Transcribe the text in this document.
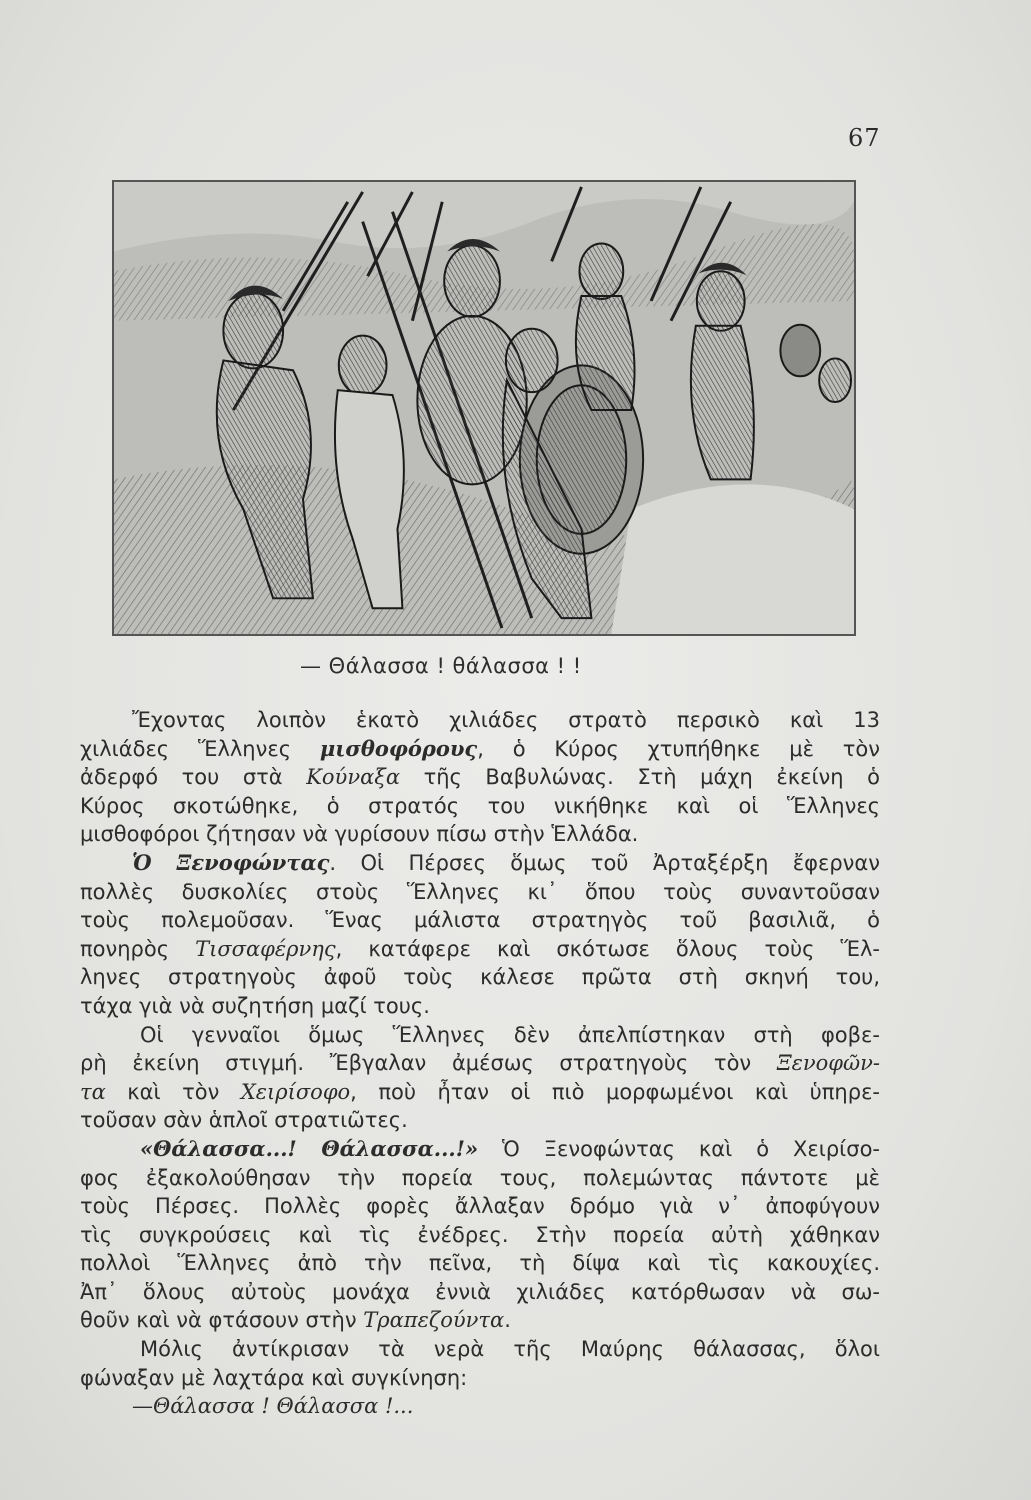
67
— Θάλασσα ! θάλασσα ! !
Ἔχοντας λοιπὸν ἑκατὸ χιλιάδες στρατὸ περσικὸ καὶ 13
χιλιάδες Ἕλληνες μισθοφόρους, ὁ Κύρος χτυπήθηκε μὲ τὸν
ἀδερφό του στὰ Κούναξα τῆς Βαβυλώνας. Στὴ μάχη ἐκείνη ὁ
Κύρος σκοτώθηκε, ὁ στρατός του νικήθηκε καὶ οἱ Ἕλληνες
μισθοφόροι ζήτησαν νὰ γυρίσουν πίσω στὴν Ἑλλάδα.
Ὁ Ξενοφώντας. Οἱ Πέρσες ὅμως τοῦ Ἀρταξέρξη ἔφερναν
πολλὲς δυσκολίες στοὺς Ἕλληνες κι᾽ ὅπου τοὺς συναντοῦσαν
τοὺς πολεμοῦσαν. Ἕνας μάλιστα στρατηγὸς τοῦ βασιλιᾶ, ὁ
πονηρὸς Τισσαφέρνης, κατάφερε καὶ σκότωσε ὅλους τοὺς Ἕλ-
ληνες στρατηγοὺς ἀφοῦ τοὺς κάλεσε πρῶτα στὴ σκηνή του,
τάχα γιὰ νὰ συζητήση μαζί τους.
Οἱ γενναῖοι ὅμως Ἕλληνες δὲν ἀπελπίστηκαν στὴ φοβε-
ρὴ ἐκείνη στιγμή. Ἔβγαλαν ἀμέσως στρατηγοὺς τὸν Ξενοφῶν-
τα καὶ τὸν Χειρίσοφο, ποὺ ἦταν οἱ πιὸ μορφωμένοι καὶ ὑπηρε-
τοῦσαν σὰν ἁπλοῖ στρατιῶτες.
«Θάλασσα...! Θάλασσα...!» Ὁ Ξενοφώντας καὶ ὁ Χειρίσο-
φος ἐξακολούθησαν τὴν πορεία τους, πολεμώντας πάντοτε μὲ
τοὺς Πέρσες. Πολλὲς φορὲς ἄλλαξαν δρόμο γιὰ ν᾽ ἀποφύγουν
τὶς συγκρούσεις καὶ τὶς ἐνέδρες. Στὴν πορεία αὐτὴ χάθηκαν
πολλοὶ Ἕλληνες ἀπὸ τὴν πεῖνα, τὴ δίψα καὶ τὶς κακουχίες.
Ἀπ᾽ ὅλους αὐτοὺς μονάχα ἐννιὰ χιλιάδες κατόρθωσαν νὰ σω-
θοῦν καὶ νὰ φτάσουν στὴν Τραπεζούντα.
Μόλις ἀντίκρισαν τὰ νερὰ τῆς Μαύρης θάλασσας, ὅλοι
φώναξαν μὲ λαχτάρα καὶ συγκίνηση:
—Θάλασσα ! Θάλασσα !...
